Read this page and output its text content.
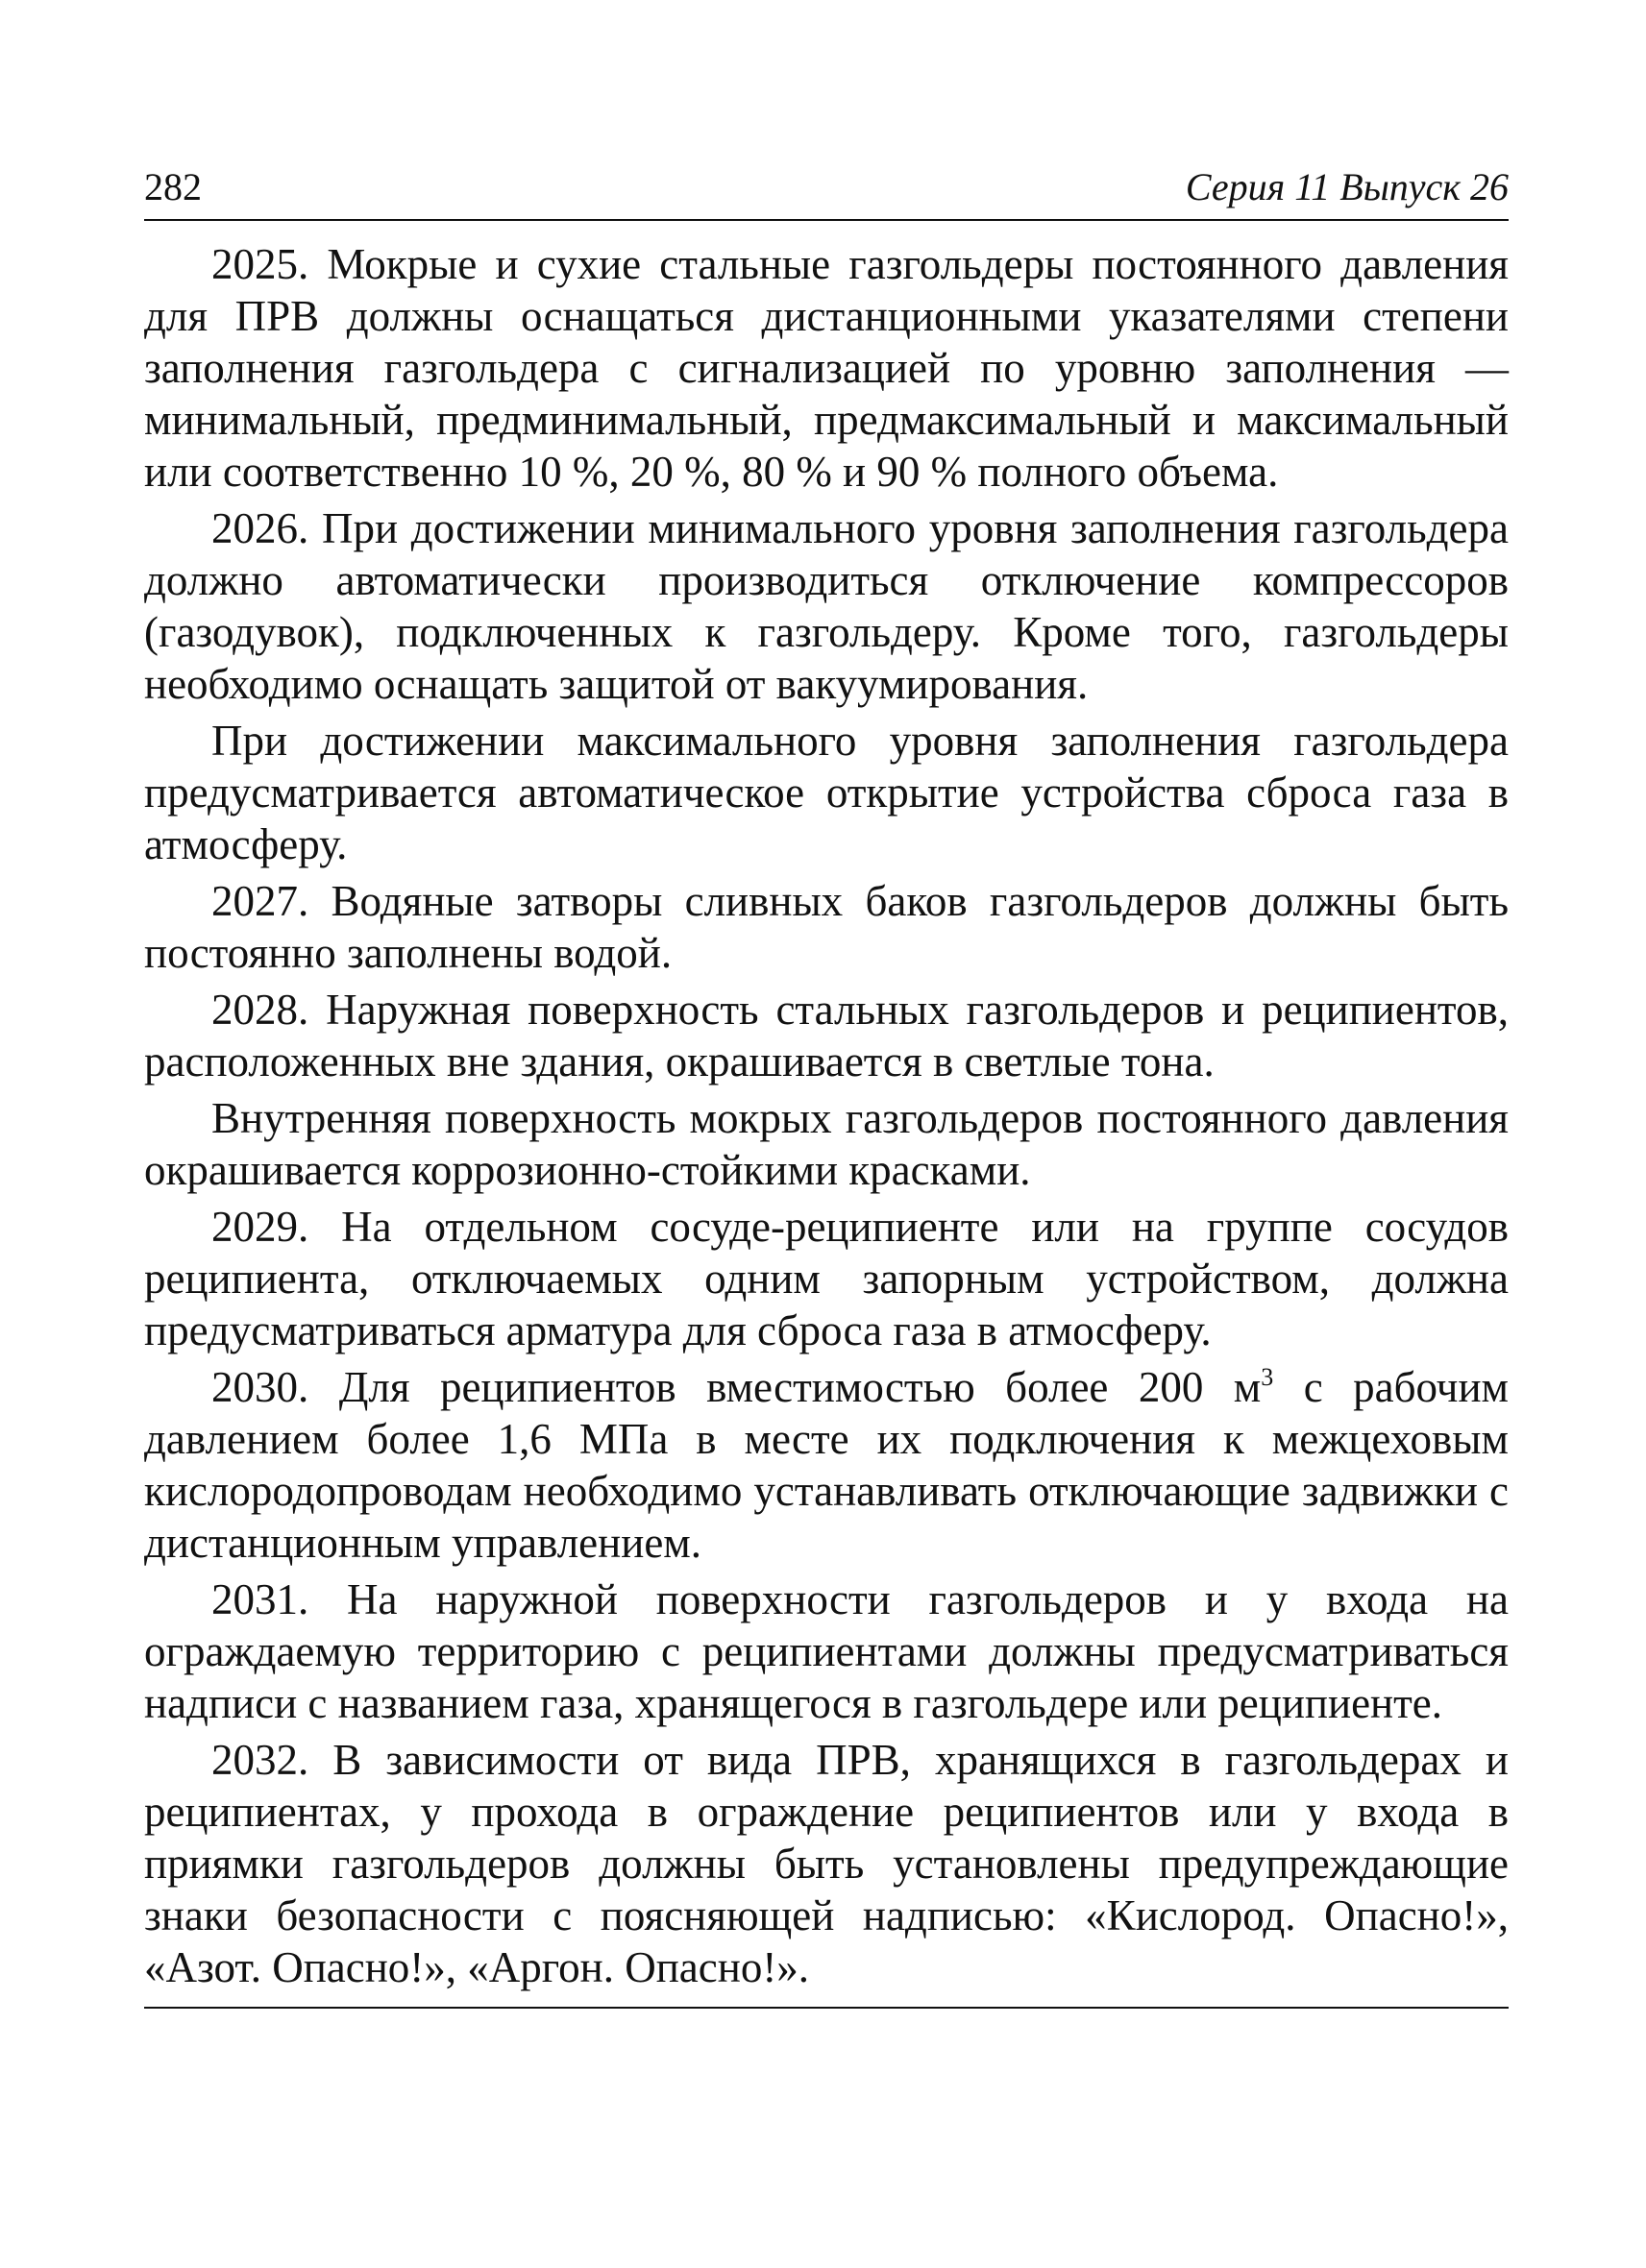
282	Серия 11 Выпуск 26

2025. Мокрые и сухие стальные газгольдеры постоянного давления для ПРВ должны оснащаться дистанционными указателями степени заполнения газгольдера с сигнализацией по уровню заполнения — минимальный, предминимальный, предмаксимальный и максимальный или соответственно 10 %, 20 %, 80 % и 90 % полного объема.

2026. При достижении минимального уровня заполнения газгольдера должно автоматически производиться отключение компрессоров (газодувок), подключенных к газгольдеру. Кроме того, газгольдеры необходимо оснащать защитой от вакуумирования.

При достижении максимального уровня заполнения газгольдера предусматривается автоматическое открытие устройства сброса газа в атмосферу.

2027. Водяные затворы сливных баков газгольдеров должны быть постоянно заполнены водой.

2028. Наружная поверхность стальных газгольдеров и реципиентов, расположенных вне здания, окрашивается в светлые тона.

Внутренняя поверхность мокрых газгольдеров постоянного давления окрашивается коррозионно-стойкими красками.

2029. На отдельном сосуде-реципиенте или на группе сосудов реципиента, отключаемых одним запорным устройством, должна предусматриваться арматура для сброса газа в атмосферу.

2030. Для реципиентов вместимостью более 200 $м^3$ с рабочим давлением более 1,6 МПа в месте их подключения к межцеховым кислородопроводам необходимо устанавливать отключающие задвижки с дистанционным управлением.

2031. На наружной поверхности газгольдеров и у входа на ограждаемую территорию с реципиентами должны предусматриваться надписи с названием газа, хранящегося в газгольдере или реципиенте.

2032. В зависимости от вида ПРВ, хранящихся в газгольдерах и реципиентах, у прохода в ограждение реципиентов или у входа в приямки газгольдеров должны быть установлены предупреждающие знаки безопасности с поясняющей надписью: «Кислород. Опасно!», «Азот. Опасно!», «Аргон. Опасно!».
